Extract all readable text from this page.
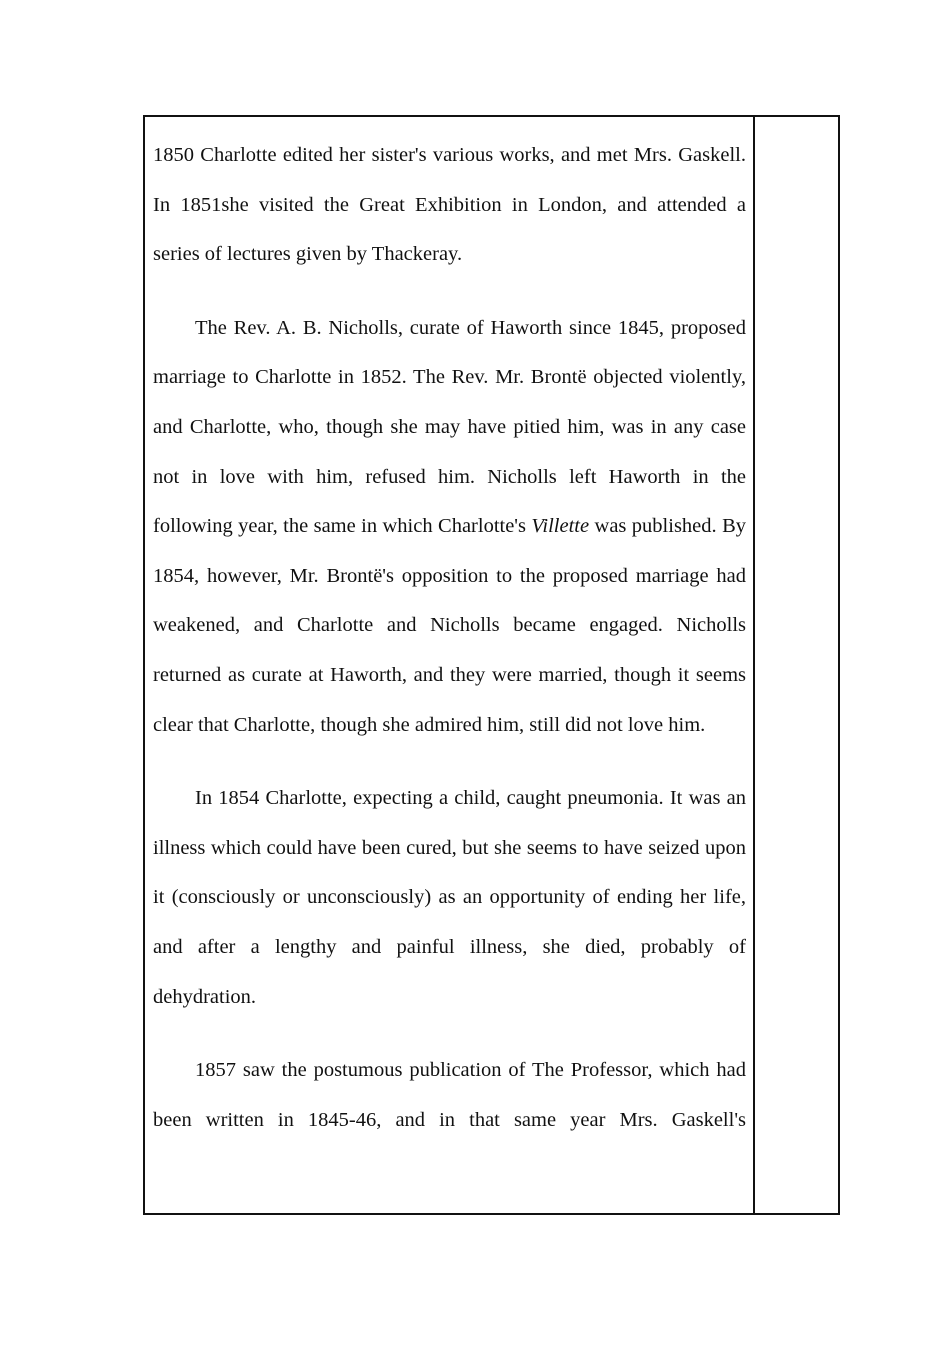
1850 Charlotte edited her sister's various works, and met Mrs. Gaskell. In 1851she visited the Great Exhibition in London, and attended a series of lectures given by Thackeray.

The Rev. A. B. Nicholls, curate of Haworth since 1845, proposed marriage to Charlotte in 1852. The Rev. Mr. Brontë objected violently, and Charlotte, who, though she may have pitied him, was in any case not in love with him, refused him. Nicholls left Haworth in the following year, the same in which Charlotte's Villette was published. By 1854, however, Mr. Brontë's opposition to the proposed marriage had weakened, and Charlotte and Nicholls became engaged. Nicholls returned as curate at Haworth, and they were married, though it seems clear that Charlotte, though she admired him, still did not love him.

In 1854 Charlotte, expecting a child, caught pneumonia. It was an illness which could have been cured, but she seems to have seized upon it (consciously or unconsciously) as an opportunity of ending her life, and after a lengthy and painful illness, she died, probably of dehydration.

1857 saw the postumous publication of The Professor, which had been written in 1845-46, and in that same year Mrs. Gaskell's
